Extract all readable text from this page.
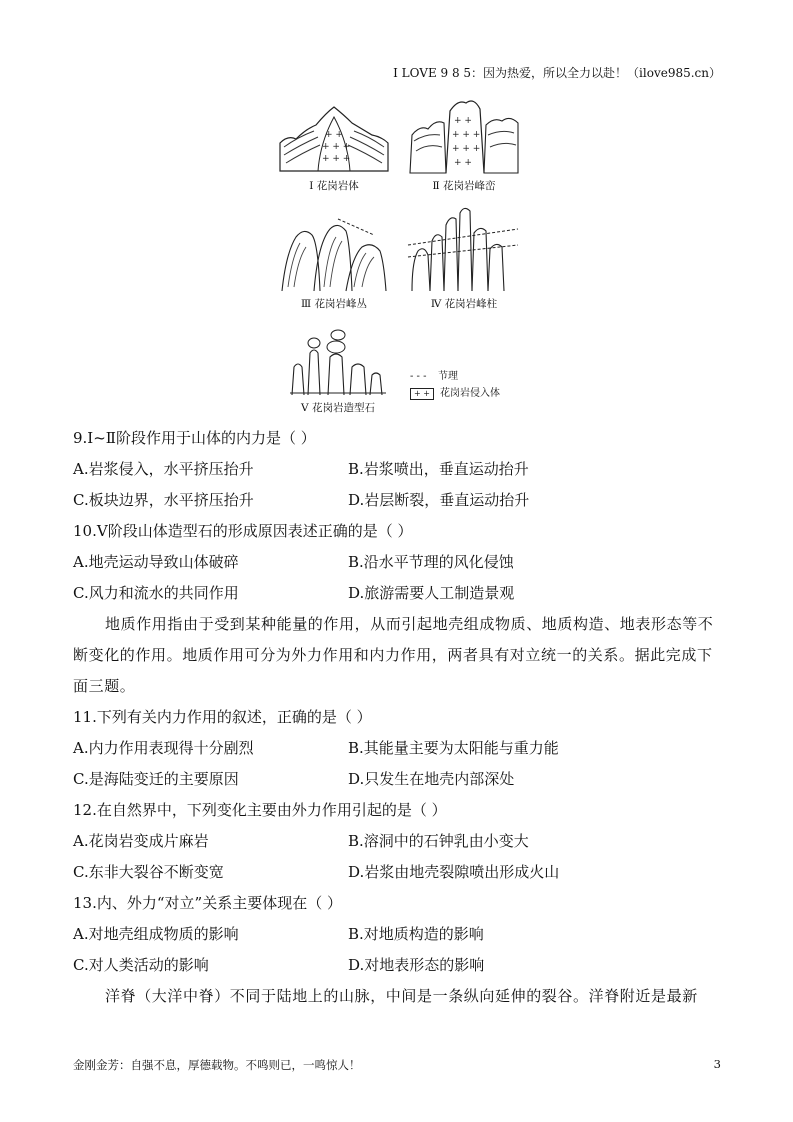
I LOVE 9 8 5：因为热爱，所以全力以赴！（ilove985.cn）
+ +
+ + +
+ + +
Ⅰ 花岗岩体
+ +
+ + +
+ + +
+ +
Ⅱ 花岗岩峰峦
Ⅲ 花岗岩峰丛	Ⅳ 花岗岩峰柱
Ⅴ 花岗岩造型石
- - -	节理
+ +	花岗岩侵入体
9.Ⅰ~Ⅱ阶段作用于山体的内力是（ ）
A.岩浆侵入，水平挤压抬升	B.岩浆喷出，垂直运动抬升
C.板块边界，水平挤压抬升	D.岩层断裂，垂直运动抬升
10.Ⅴ阶段山体造型石的形成原因表述正确的是（ ）
A.地壳运动导致山体破碎	B.沿水平节理的风化侵蚀
C.风力和流水的共同作用	D.旅游需要人工制造景观
地质作用指由于受到某种能量的作用，从而引起地壳组成物质、地质构造、地表形态等不断变化的作用。地质作用可分为外力作用和内力作用，两者具有对立统一的关系。据此完成下面三题。
11.下列有关内力作用的叙述，正确的是（ ）
A.内力作用表现得十分剧烈	B.其能量主要为太阳能与重力能
C.是海陆变迁的主要原因	D.只发生在地壳内部深处
12.在自然界中，下列变化主要由外力作用引起的是（ ）
A.花岗岩变成片麻岩	B.溶洞中的石钟乳由小变大
C.东非大裂谷不断变宽	D.岩浆由地壳裂隙喷出形成火山
13.内、外力“对立”关系主要体现在（ ）
A.对地壳组成物质的影响	B.对地质构造的影响
C.对人类活动的影响	D.对地表形态的影响
洋脊（大洋中脊）不同于陆地上的山脉，中间是一条纵向延伸的裂谷。洋脊附近是最新
金刚金芳：自强不息，厚德载物。不鸣则已，一鸣惊人！	3
